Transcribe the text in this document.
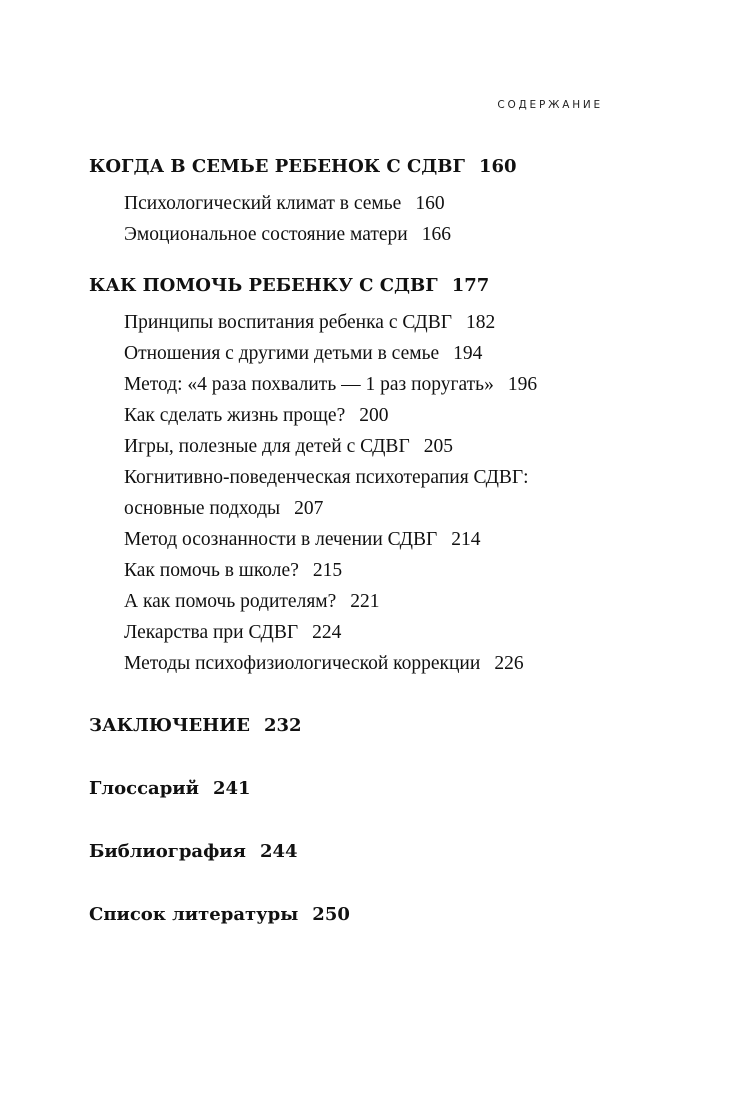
СОДЕРЖАНИЕ
КОГДА В СЕМЬЕ РЕБЕНОК С СДВГ 160
Психологический климат в семье 160
Эмоциональное состояние матери 166
КАК ПОМОЧЬ РЕБЕНКУ С СДВГ 177
Принципы воспитания ребенка с СДВГ 182
Отношения с другими детьми в семье 194
Метод: «4 раза похвалить — 1 раз поругать» 196
Как сделать жизнь проще? 200
Игры, полезные для детей с СДВГ 205
Когнитивно-поведенческая психотерапия СДВГ:
основные подходы 207
Метод осознанности в лечении СДВГ 214
Как помочь в школе? 215
А как помочь родителям? 221
Лекарства при СДВГ 224
Методы психофизиологической коррекции 226
ЗАКЛЮЧЕНИЕ 232
Глоссарий 241
Библиография 244
Список литературы 250
